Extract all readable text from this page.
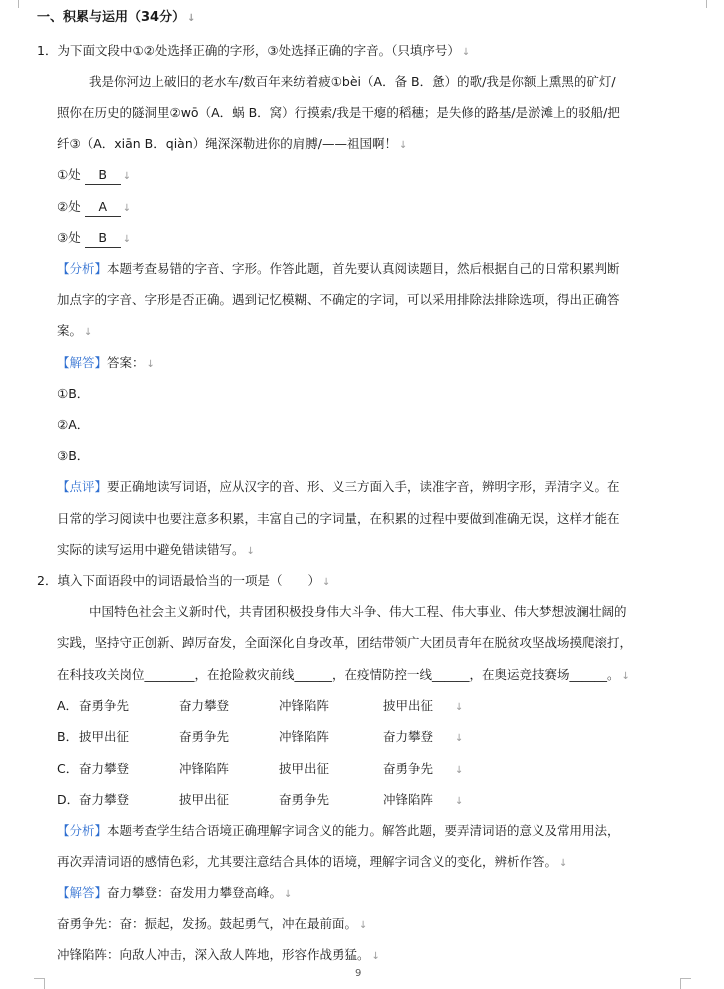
一、积累与运用（34分） ↓
1．为下面文段中①②处选择正确的字形，③处选择正确的字音。（只填序号） ↓
我是你河边上破旧的老水车/数百年来纺着疲①bèi（A．备 B．惫）的歌/我是你额上熏黑的矿灯/
照你在历史的隧洞里②wō（A．蜗 B．窝）行摸索/我是干瘪的稻穗；是失修的路基/是淤滩上的驳船/把
纤③（A．xiān B．qiàn）绳深深勒进你的肩膊/——祖国啊！ ↓
①处 B ↓
②处 A ↓
③处 B ↓
【分析】本题考查易错的字音、字形。作答此题，首先要认真阅读题目，然后根据自己的日常积累判断
加点字的字音、字形是否正确。遇到记忆模糊、不确定的字词，可以采用排除法排除选项，得出正确答
案。 ↓
【解答】答案： ↓
①B．
②A．
③B．
【点评】要正确地读写词语，应从汉字的音、形、义三方面入手，读准字音，辨明字形，弄清字义。在
日常的学习阅读中也要注意多积累，丰富自己的字词量，在积累的过程中要做到准确无误，这样才能在
实际的读写运用中避免错读错写。 ↓
2．填入下面语段中的词语最恰当的一项是（　　） ↓
中国特色社会主义新时代，共青团积极投身伟大斗争、伟大工程、伟大事业、伟大梦想波澜壮阔的
实践，坚持守正创新、踔厉奋发，全面深化自身改革，团结带领广大团员青年在脱贫攻坚战场摸爬滚打，
在科技攻关岗位________，在抢险救灾前线______，在疫情防控一线______，在奥运竞技赛场______。 ↓
A．奋勇争先	奋力攀登	冲锋陷阵	披甲出征 ↓
B．披甲出征	奋勇争先	冲锋陷阵	奋力攀登 ↓
C．奋力攀登	冲锋陷阵	披甲出征	奋勇争先 ↓
D．奋力攀登	披甲出征	奋勇争先	冲锋陷阵 ↓
【分析】本题考查学生结合语境正确理解字词含义的能力。解答此题，要弄清词语的意义及常用用法，
再次弄清词语的感情色彩，尤其要注意结合具体的语境，理解字词含义的变化，辨析作答。 ↓
【解答】奋力攀登：奋发用力攀登高峰。 ↓
奋勇争先：奋：振起，发扬。鼓起勇气，冲在最前面。 ↓
冲锋陷阵：向敌人冲击，深入敌人阵地，形容作战勇猛。 ↓
9
